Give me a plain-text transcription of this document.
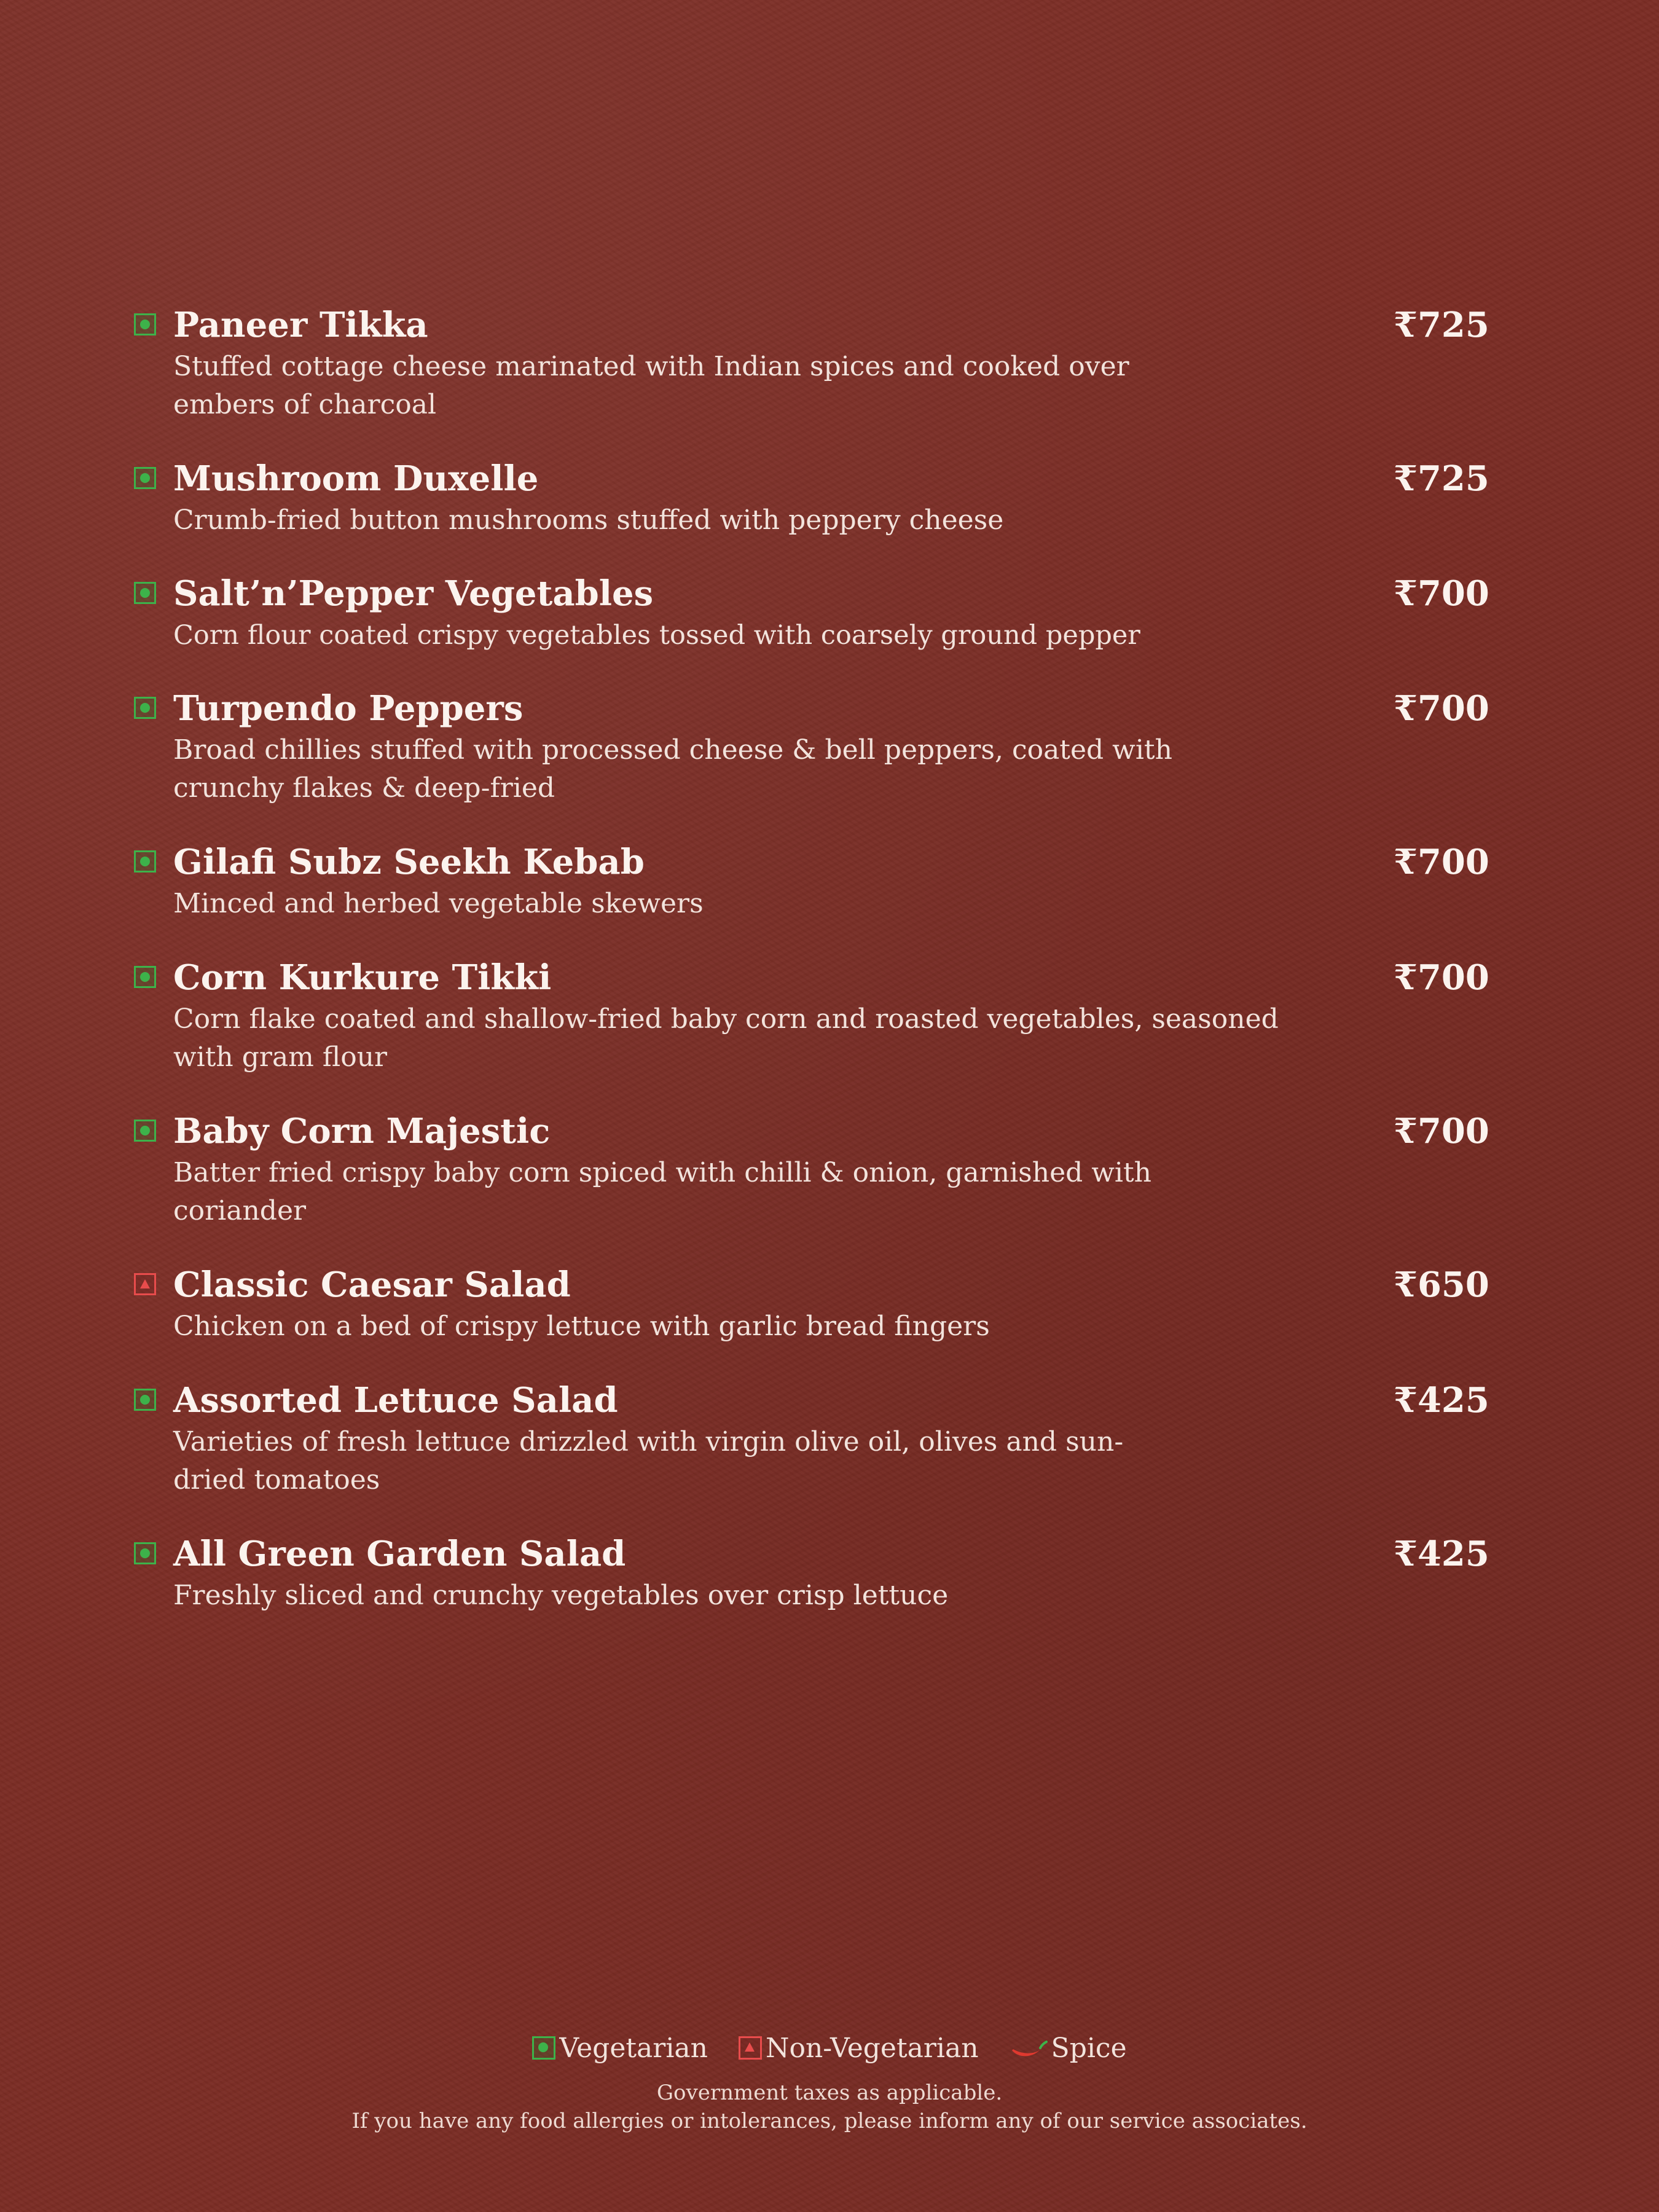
Paneer Tikka	₹725
Stuffed cottage cheese marinated with Indian spices and cooked over embers of charcoal
Mushroom Duxelle	₹725
Crumb-fried button mushrooms stuffed with peppery cheese
Salt’n’Pepper Vegetables	₹700
Corn flour coated crispy vegetables tossed with coarsely ground pepper
Turpendo Peppers	₹700
Broad chillies stuffed with processed cheese & bell peppers, coated with crunchy flakes & deep-fried
Gilafi Subz Seekh Kebab	₹700
Minced and herbed vegetable skewers
Corn Kurkure Tikki	₹700
Corn flake coated and shallow-fried baby corn and roasted vegetables, seasoned with gram flour
Baby Corn Majestic	₹700
Batter fried crispy baby corn spiced with chilli & onion, garnished with coriander
Classic Caesar Salad	₹650
Chicken on a bed of crispy lettuce with garlic bread fingers
Assorted Lettuce Salad	₹425
Varieties of fresh lettuce drizzled with virgin olive oil, olives and sun-dried tomatoes
All Green Garden Salad	₹425
Freshly sliced and crunchy vegetables over crisp lettuce
Vegetarian Non-Vegetarian	Spice
Government taxes as applicable.
If you have any food allergies or intolerances, please inform any of our service associates.
